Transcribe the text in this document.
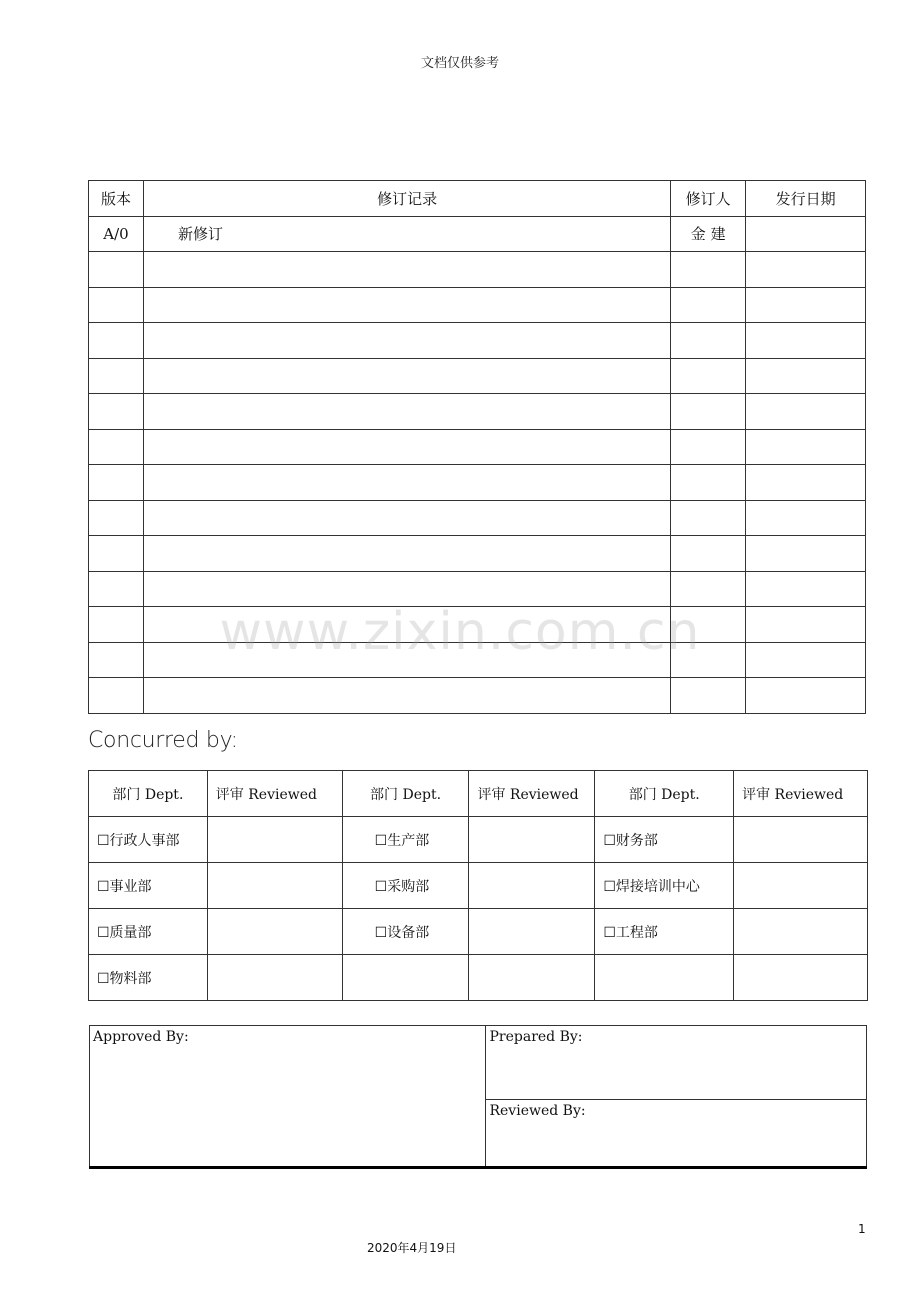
文档仅供参考
版本	修订记录	修订人	发行日期
A/0	新修订	金 建	

www.zixin.com.cn
Concurred by:
部门 Dept.	评审 Reviewed	部门 Dept.	评审 Reviewed	部门 Dept.	评审 Reviewed
☐行政人事部		☐生产部		☐财务部	
☐事业部		☐采购部		☐焊接培训中心	
☐质量部		☐设备部		☐工程部	
☐物料部					
Approved By:	Prepared By:
Reviewed By:
1
2020年4月19日
